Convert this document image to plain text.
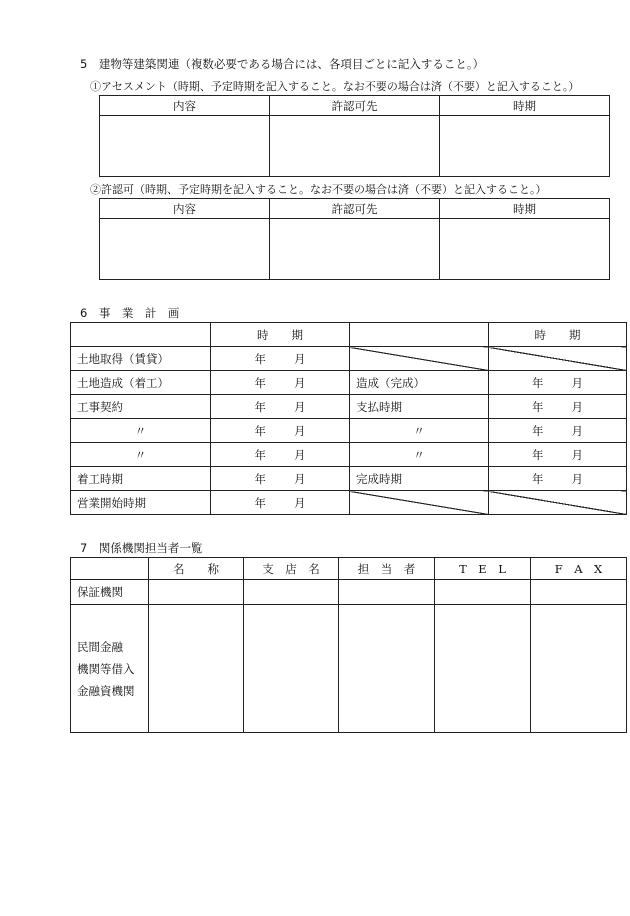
5　建物等建築関連（複数必要である場合には、各項目ごとに記入すること。）
①アセスメント（時期、予定時期を記入すること。なお不要の場合は済（不要）と記入すること。）
内容	許認可先	時期

②許認可（時期、予定時期を記入すること。なお不要の場合は済（不要）と記入すること。）
内容	許認可先	時期

6　事　業　計　画
	時　　期		時　　期
土地取得（賃貸）	年 月		

土地造成（着工）	年 月	造成（完成）	年 月

工事契約	年 月	支払時期	年 月

〃	年 月	〃	年 月

〃	年 月	〃	年 月

着工時期	年 月	完成時期	年 月

営業開始時期	年 月		

7　関係機関担当者一覧
	名　　称	支　店　名	担　当　者	T　E　L	F　A　X
保証機関					

民間金融
機関等借入
金融資機関					
